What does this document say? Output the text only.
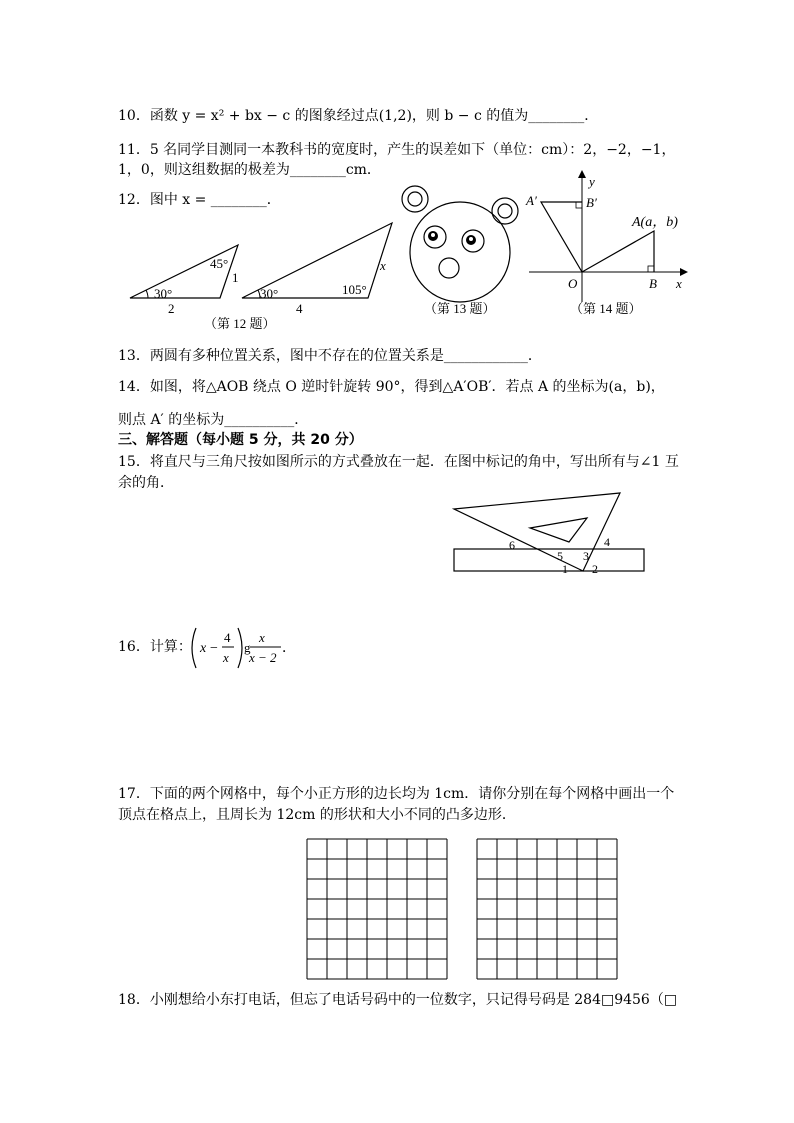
10．函数 y = x² + bx − c 的图象经过点(1,2)，则 b − c 的值为________．
11．5 名同学目测同一本教科书的宽度时，产生的误差如下（单位：cm）：2，−2，−1，
1，0，则这组数据的极差为________cm．
12．图中 x = ________．
30°
45°
2
1
30°	105°
4
x
（第 12 题）
（第 13 题）
y
x
O	B
A(a，b)
A′	B′
（第 14 题）
13．两圆有多种位置关系，图中不存在的位置关系是____________．
14．如图，将△AOB 绕点 O 逆时针旋转 90°，得到△A′OB′．若点 A 的坐标为(a，b)，
则点 A′ 的坐标为__________．
三、解答题（每小题 5 分，共 20 分）
15．将直尺与三角尺按如图所示的方式叠放在一起．在图中标记的角中，写出所有与∠1 互
余的角．
6
5 3
4
1 2
16．计算： x −
4
x
g
x
x − 2
．
17．下面的两个网格中，每个小正方形的边长均为 1cm．请你分别在每个网格中画出一个
顶点在格点上，且周长为 12cm 的形状和大小不同的凸多边形．
18．小刚想给小东打电话，但忘了电话号码中的一位数字，只记得号码是 284□9456（□
